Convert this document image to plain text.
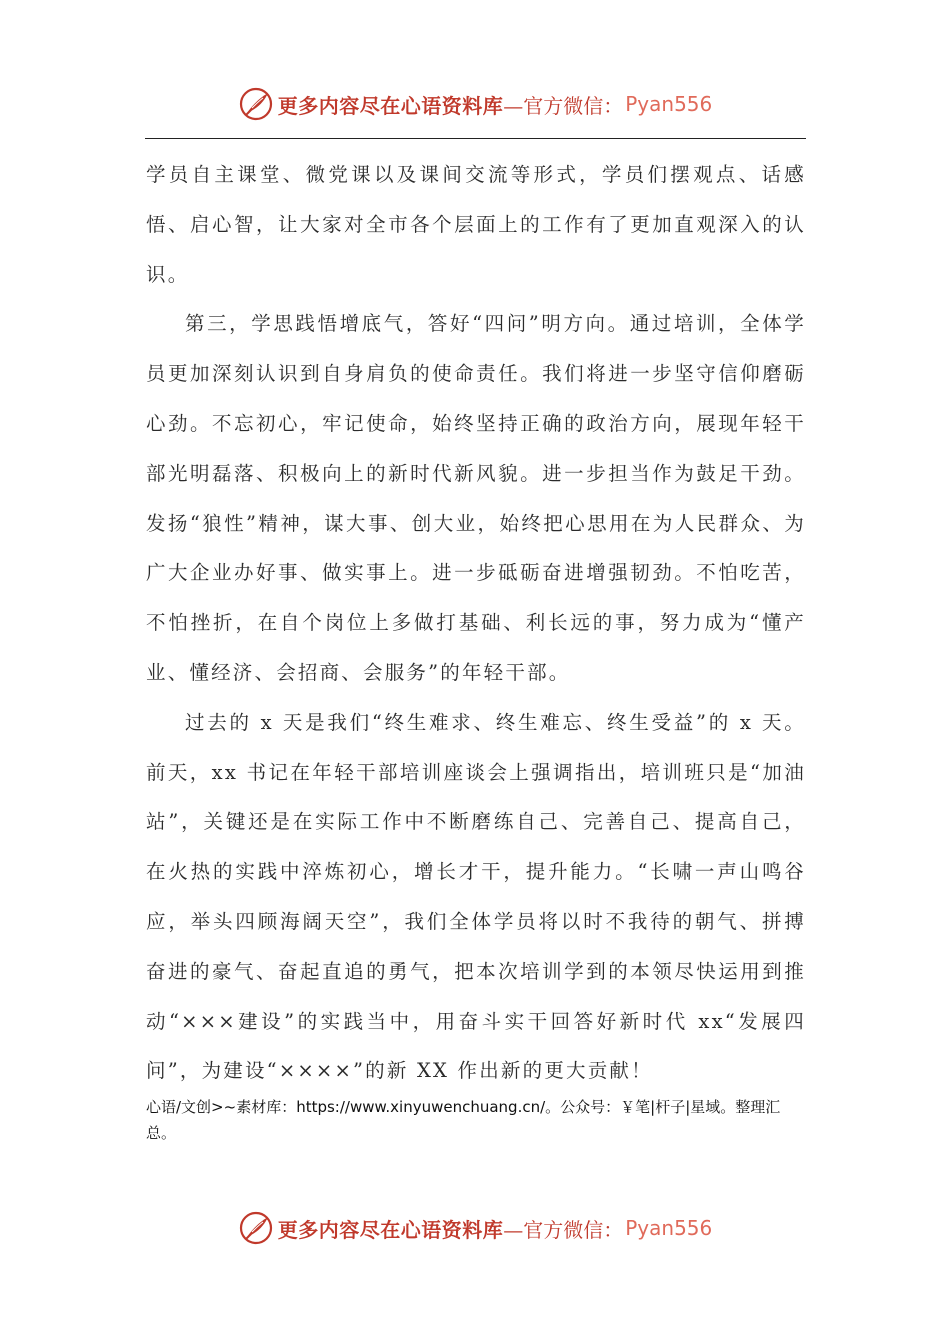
更多内容尽在心语资料库 —官方微信： Pyan556

学员自主课堂、微党课以及课间交流等形式，学员们摆观点、话感悟、启心智，让大家对全市各个层面上的工作有了更加直观深入的认识。

第三，学思践悟增底气，答好“四问”明方向。通过培训，全体学员更加深刻认识到自身肩负的使命责任。我们将进一步坚守信仰磨砺心劲。不忘初心，牢记使命，始终坚持正确的政治方向，展现年轻干部光明磊落、积极向上的新时代新风貌。进一步担当作为鼓足干劲。发扬“狼性”精神，谋大事、创大业，始终把心思用在为人民群众、为广大企业办好事、做实事上。进一步砥砺奋进增强韧劲。不怕吃苦，不怕挫折，在自个岗位上多做打基础、利长远的事，努力成为“懂产业、懂经济、会招商、会服务”的年轻干部。

过去的 x 天是我们“终生难求、终生难忘、终生受益”的 x 天。前天，xx 书记在年轻干部培训座谈会上强调指出，培训班只是“加油站”，关键还是在实际工作中不断磨练自己、完善自己、提高自己，在火热的实践中淬炼初心，增长才干，提升能力。“长啸一声山鸣谷应，举头四顾海阔天空”，我们全体学员将以时不我待的朝气、拼搏奋进的豪气、奋起直追的勇气，把本次培训学到的本领尽快运用到推动“×××建设”的实践当中，用奋斗实干回答好新时代 xx“发展四问”，为建设“××××”的新 XX 作出新的更大贡献！

心语/文创>~素材库：https://www.xinyuwenchuang.cn/。公众号：￥笔|杆子|星域。整理汇总。
更多内容尽在心语资料库 —官方微信： Pyan556
